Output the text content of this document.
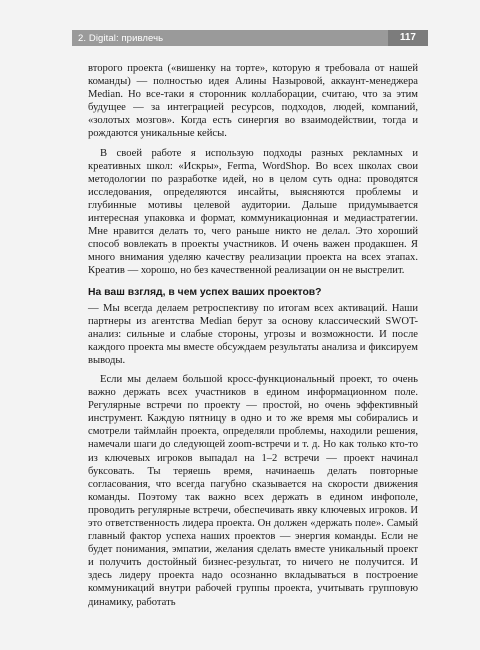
2. Digital: привлечь	117

второго проекта («вишенку на торте», которую я требовала от нашей команды) — полностью идея Алины Назыровой, аккаунт-менеджера Median. Но все-таки я сторонник коллаборации, считаю, что за этим будущее — за интеграцией ресурсов, подходов, людей, компаний, «золотых мозгов». Когда есть синергия во взаимодействии, тогда и рождаются уникальные кейсы.

В своей работе я использую подходы разных рекламных и креативных школ: «Искры», Ferma, WordShop. Во всех школах свои методологии по разработке идей, но в целом суть одна: проводятся исследования, определяются инсайты, выясняются проблемы и глубинные мотивы целевой аудитории. Дальше придумывается интересная упаковка и формат, коммуникационная и медиастратегии. Мне нравится делать то, чего раньше никто не делал. Это хороший способ вовлекать в проекты участников. И очень важен продакшен. Я много внимания уделяю качеству реализации проекта на всех этапах. Креатив — хорошо, но без качественной реализации он не выстрелит.

На ваш взгляд, в чем успех ваших проектов?

— Мы всегда делаем ретроспективу по итогам всех активаций. Наши партнеры из агентства Median берут за основу классический SWOT-анализ: сильные и слабые стороны, угрозы и возможности. И после каждого проекта мы вместе обсуждаем результаты анализа и фиксируем выводы.

Если мы делаем большой кросс-функциональный проект, то очень важно держать всех участников в едином информационном поле. Регулярные встречи по проекту — простой, но очень эффективный инструмент. Каждую пятницу в одно и то же время мы собирались и смотрели таймлайн проекта, определяли проблемы, находили решения, намечали шаги до следующей zoom-встречи и т. д. Но как только кто-то из ключевых игроков выпадал на 1–2 встречи — проект начинал буксовать. Ты теряешь время, начинаешь делать повторные согласования, что всегда пагубно сказывается на скорости движения команды. Поэтому так важно всех держать в едином инфополе, проводить регулярные встречи, обеспечивать явку ключевых игроков. И это ответственность лидера проекта. Он должен «держать поле». Самый главный фактор успеха наших проектов — энергия команды. Если не будет понимания, эмпатии, желания сделать вместе уникальный проект и получить достойный бизнес-результат, то ничего не получится. И здесь лидеру проекта надо осознанно вкладываться в построение коммуникаций внутри рабочей группы проекта, учитывать групповую динамику, работать
